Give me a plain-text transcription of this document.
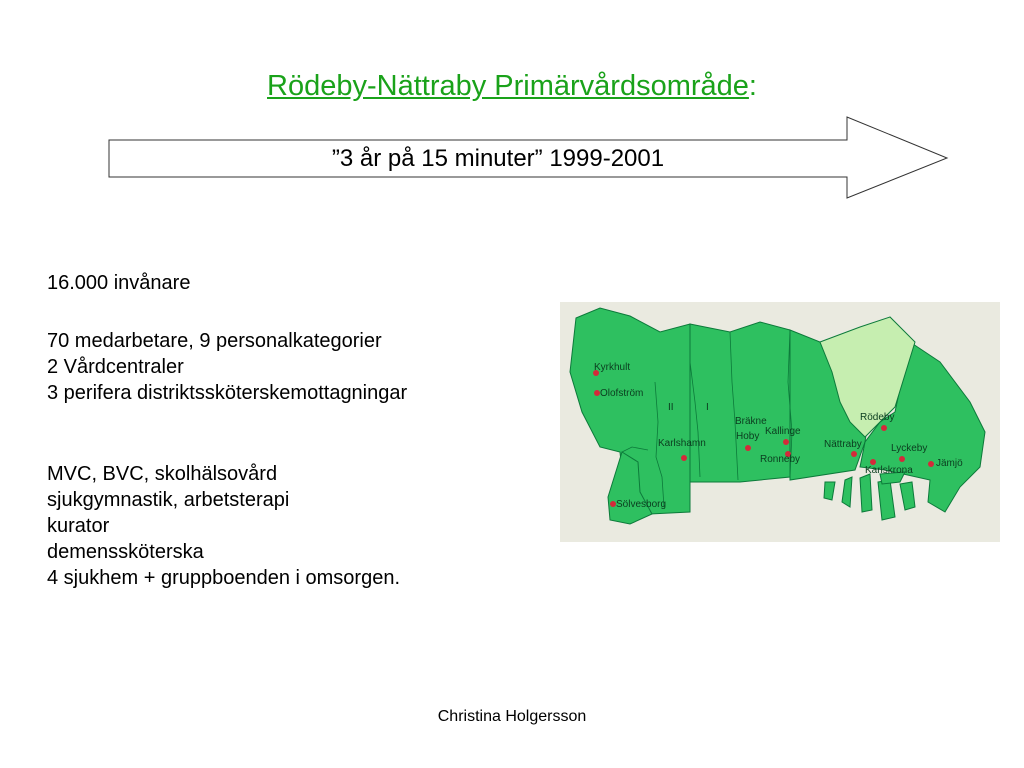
Rödeby-Nättraby Primärvårdsområde:
”3 år på 15 minuter” 1999-2001
16.000 invånare
70 medarbetare, 9 personalkategorier
2 Vårdcentraler
3 perifera distriktssköterskemottagningar
MVC, BVC, skolhälsovård
sjukgymnastik, arbetsterapi
kurator
demenssköterska
4 sjukhem + gruppboenden i omsorgen.
Kyrkhult
Olofström
Karlshamn
Sölvesborg
Bräkne
Hoby Kallinge
Ronneby
Nättraby
Rödeby
Lyckeby
Karlskrona
Jämjö
II	I
Christina Holgersson
